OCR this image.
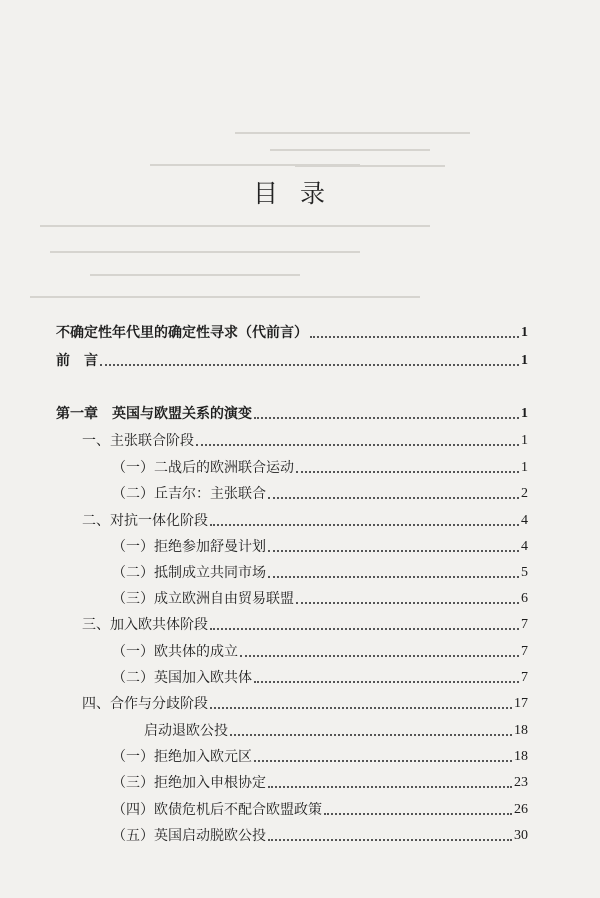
目录
不确定性年代里的确定性寻求（代前言）	1
前　言	1
第一章 英国与欧盟关系的演变	1
一、主张联合阶段	1
（一）二战后的欧洲联合运动	1
（二）丘吉尔：主张联合	2
二、对抗一体化阶段	4
（一）拒绝参加舒曼计划	4
（二）抵制成立共同市场	5
（三）成立欧洲自由贸易联盟	6
三、加入欧共体阶段	7
（一）欧共体的成立	7
（二）英国加入欧共体	7
四、合作与分歧阶段	17
启动退欧公投	18
（一）拒绝加入欧元区	18
（三）拒绝加入申根协定	23
（四）欧债危机后不配合欧盟政策	26
（五）英国启动脱欧公投	30
